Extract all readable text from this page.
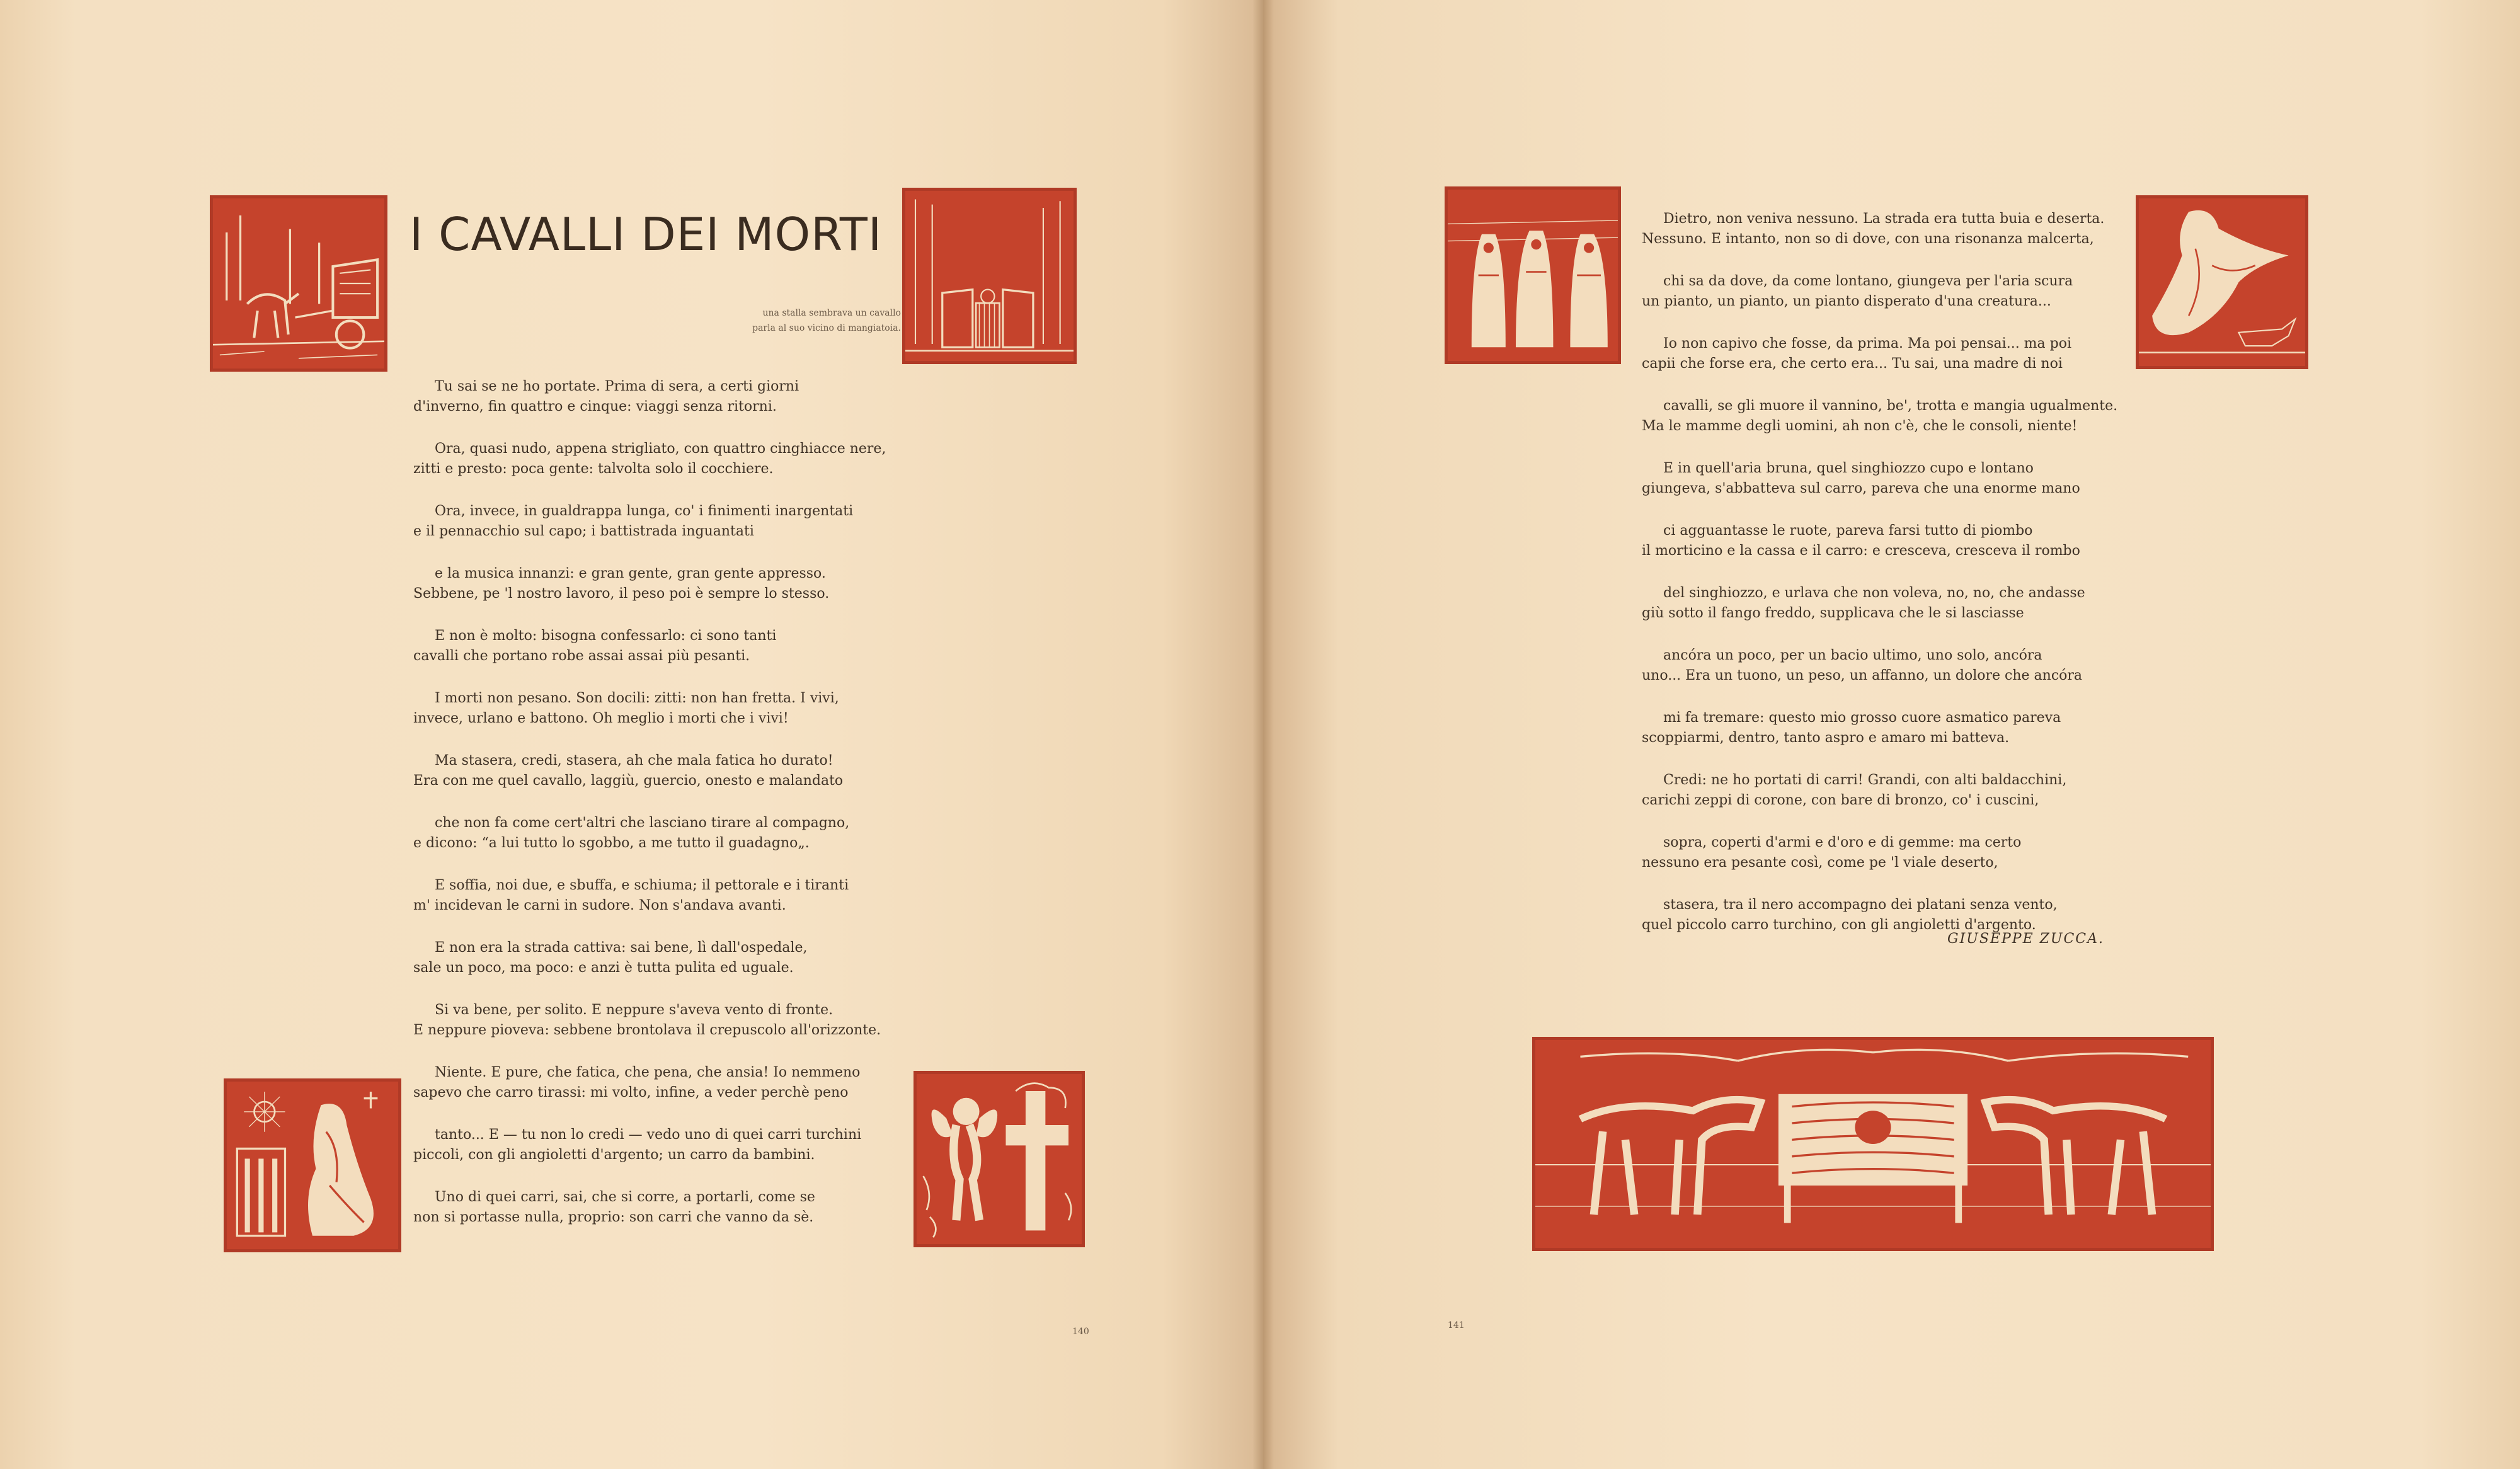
I CAVALLI DEI MORTI
una stalla sembrava un cavallo
parla al suo vicino di mangiatoia.
Tu sai se ne ho portate. Prima di sera, a certi giorni
d'inverno, fin quattro e cinque: viaggi senza ritorni.
Ora, quasi nudo, appena strigliato, con quattro cinghiacce nere,
zitti e presto: poca gente: talvolta solo il cocchiere.
Ora, invece, in gualdrappa lunga, co' i finimenti inargentati
e il pennacchio sul capo; i battistrada inguantati
e la musica innanzi: e gran gente, gran gente appresso.
Sebbene, pe 'l nostro lavoro, il peso poi è sempre lo stesso.
E non è molto: bisogna confessarlo: ci sono tanti
cavalli che portano robe assai assai più pesanti.
I morti non pesano. Son docili: zitti: non han fretta. I vivi,
invece, urlano e battono. Oh meglio i morti che i vivi!
Ma stasera, credi, stasera, ah che mala fatica ho durato!
Era con me quel cavallo, laggiù, guercio, onesto e malandato
che non fa come cert'altri che lasciano tirare al compagno,
e dicono: “a lui tutto lo sgobbo, a me tutto il guadagno„.
E soffia, noi due, e sbuffa, e schiuma; il pettorale e i tiranti
m' incidevan le carni in sudore. Non s'andava avanti.
E non era la strada cattiva: sai bene, lì dall'ospedale,
sale un poco, ma poco: e anzi è tutta pulita ed uguale.
Si va bene, per solito. E neppure s'aveva vento di fronte.
E neppure pioveva: sebbene brontolava il crepuscolo all'orizzonte.
Niente. E pure, che fatica, che pena, che ansia! Io nemmeno
sapevo che carro tirassi: mi volto, infine, a veder perchè peno
tanto... E — tu non lo credi — vedo uno di quei carri turchini
piccoli, con gli angioletti d'argento; un carro da bambini.
Uno di quei carri, sai, che si corre, a portarli, come se
non si portasse nulla, proprio: son carri che vanno da sè.
Dietro, non veniva nessuno. La strada era tutta buia e deserta.
Nessuno. E intanto, non so di dove, con una risonanza malcerta,
chi sa da dove, da come lontano, giungeva per l'aria scura
un pianto, un pianto, un pianto disperato d'una creatura...
Io non capivo che fosse, da prima. Ma poi pensai... ma poi
capii che forse era, che certo era... Tu sai, una madre di noi
cavalli, se gli muore il vannino, be', trotta e mangia ugualmente.
Ma le mamme degli uomini, ah non c'è, che le consoli, niente!
E in quell'aria bruna, quel singhiozzo cupo e lontano
giungeva, s'abbatteva sul carro, pareva che una enorme mano
ci agguantasse le ruote, pareva farsi tutto di piombo
il morticino e la cassa e il carro: e cresceva, cresceva il rombo
del singhiozzo, e urlava che non voleva, no, no, che andasse
giù sotto il fango freddo, supplicava che le si lasciasse
ancóra un poco, per un bacio ultimo, uno solo, ancóra
uno... Era un tuono, un peso, un affanno, un dolore che ancóra
mi fa tremare: questo mio grosso cuore asmatico pareva
scoppiarmi, dentro, tanto aspro e amaro mi batteva.
Credi: ne ho portati di carri! Grandi, con alti baldacchini,
carichi zeppi di corone, con bare di bronzo, co' i cuscini,
sopra, coperti d'armi e d'oro e di gemme: ma certo
nessuno era pesante così, come pe 'l viale deserto,
stasera, tra il nero accompagno dei platani senza vento,
quel piccolo carro turchino, con gli angioletti d'argento.
GIUSEPPE ZUCCA.
140
141
